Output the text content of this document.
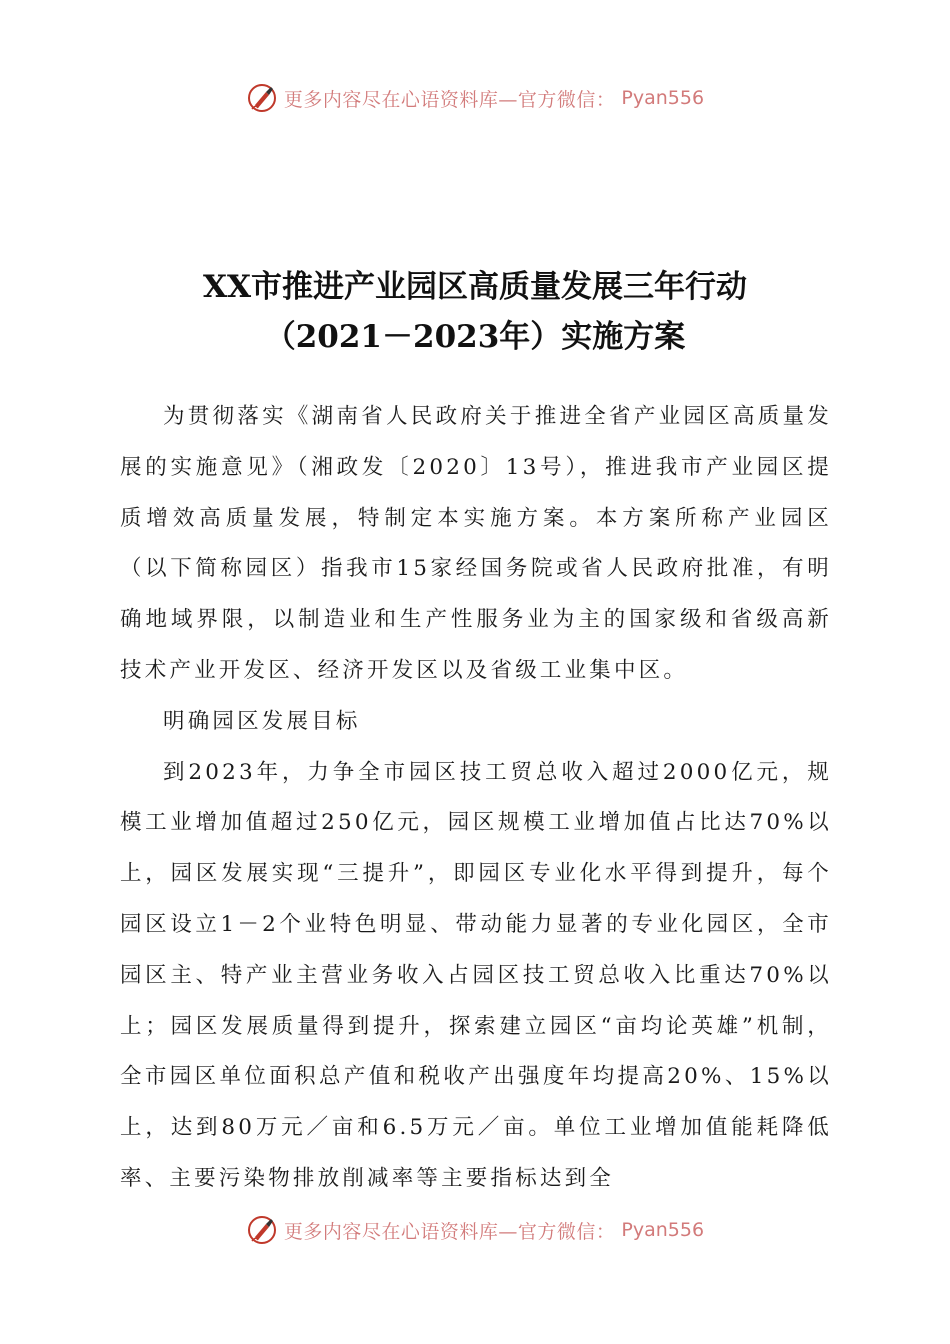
更多内容尽在心语资料库—官方微信： Pyan556
XX市推进产业园区高质量发展三年行动
（2021－2023年）实施方案

为贯彻落实《湖南省人民政府关于推进全省产业园区高质量发展的实施意见》（湘政发〔2020〕13号），推进我市产业园区提质增效高质量发展，特制定本实施方案。本方案所称产业园区（以下简称园区）指我市15家经国务院或省人民政府批准，有明确地域界限，以制造业和生产性服务业为主的国家级和省级高新技术产业开发区、经济开发区以及省级工业集中区。

明确园区发展目标

到2023年，力争全市园区技工贸总收入超过2000亿元，规模工业增加值超过250亿元，园区规模工业增加值占比达70%以上，园区发展实现“三提升”，即园区专业化水平得到提升，每个园区设立1－2个业特色明显、带动能力显著的专业化园区，全市园区主、特产业主营业务收入占园区技工贸总收入比重达70%以上；园区发展质量得到提升，探索建立园区“亩均论英雄”机制，全市园区单位面积总产值和税收产出强度年均提高20%、15%以上，达到80万元／亩和6.5万元／亩。单位工业增加值能耗降低率、主要污染物排放削减率等主要指标达到全

更多内容尽在心语资料库—官方微信： Pyan556
